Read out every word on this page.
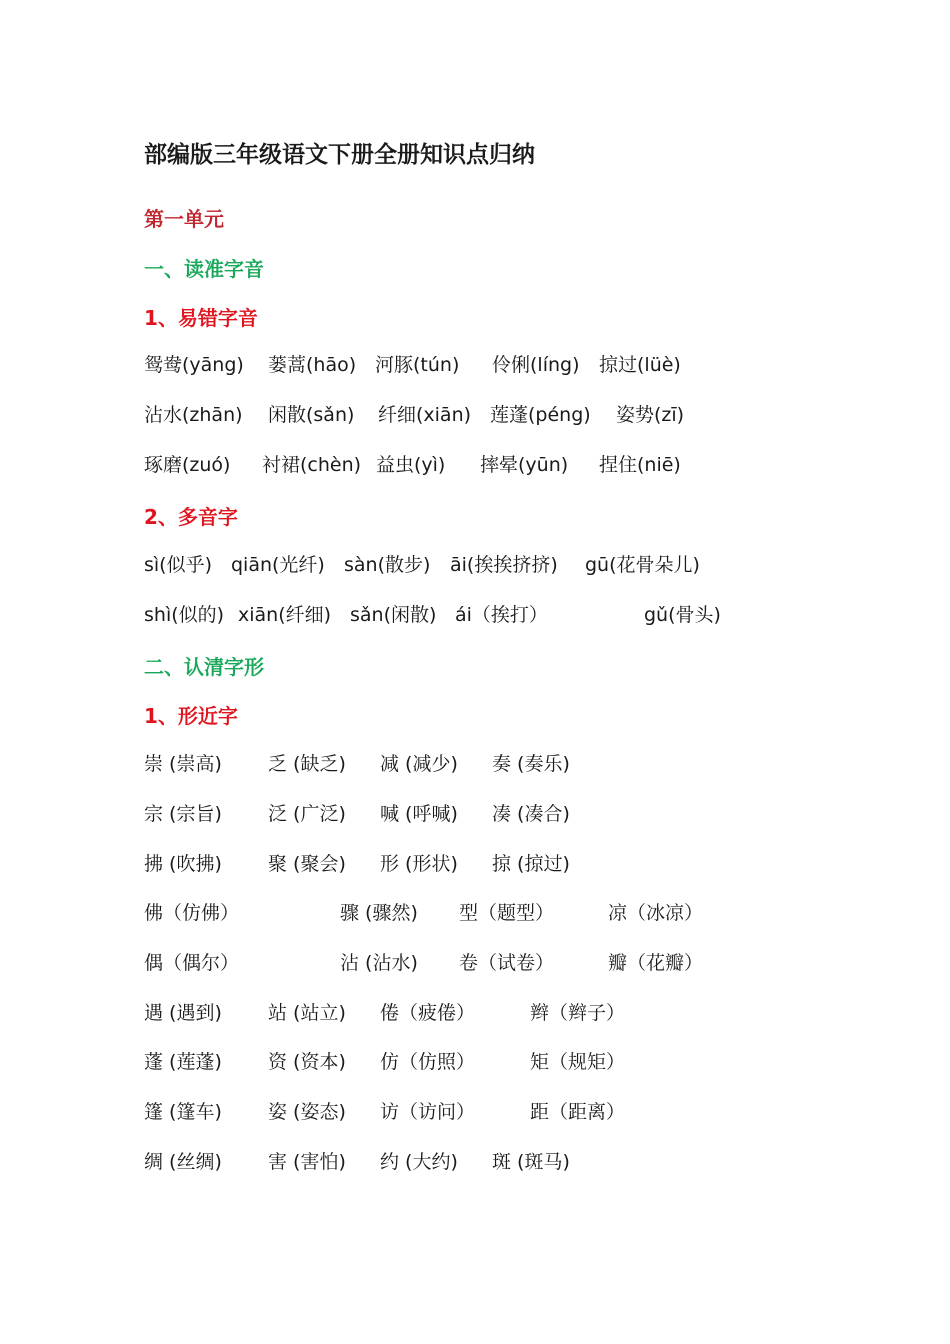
部编版三年级语文下册全册知识点归纳
第一单元
一、读准字音
1、易错字音
鸳鸯(yāng) 蒌蒿(hāo) 河豚(tún) 伶俐(líng) 掠过(lüè)
沾水(zhān) 闲散(sǎn) 纤细(xiān) 莲蓬(péng) 姿势(zī)
琢磨(zuó) 衬裙(chèn) 益虫(yì) 摔晕(yūn) 捏住(niē)
2、多音字
sì(似乎) qiān(光纤) sàn(散步) āi(挨挨挤挤) gū(花骨朵儿)
shì(似的) xiān(纤细) sǎn(闲散) ái（挨打）	gǔ(骨头)
二、认清字形
1、形近字
崇 (崇高) 乏 (缺乏) 减 (减少) 奏 (奏乐)
宗 (宗旨) 泛 (广泛) 喊 (呼喊) 凑 (凑合)
拂 (吹拂) 聚 (聚会) 形 (形状) 掠 (掠过)
佛（仿佛）	骤 (骤然) 型（题型）	凉（冰凉）
偶（偶尔）	沾 (沾水) 卷（试卷）	瓣（花瓣）
遇 (遇到) 站 (站立) 倦（疲倦）	辫（辫子）
蓬 (莲蓬) 资 (资本) 仿（仿照）	矩（规矩）
篷 (篷车) 姿 (姿态) 访（访问）	距（距离）
绸 (丝绸) 害 (害怕) 约 (大约) 斑 (斑马)
